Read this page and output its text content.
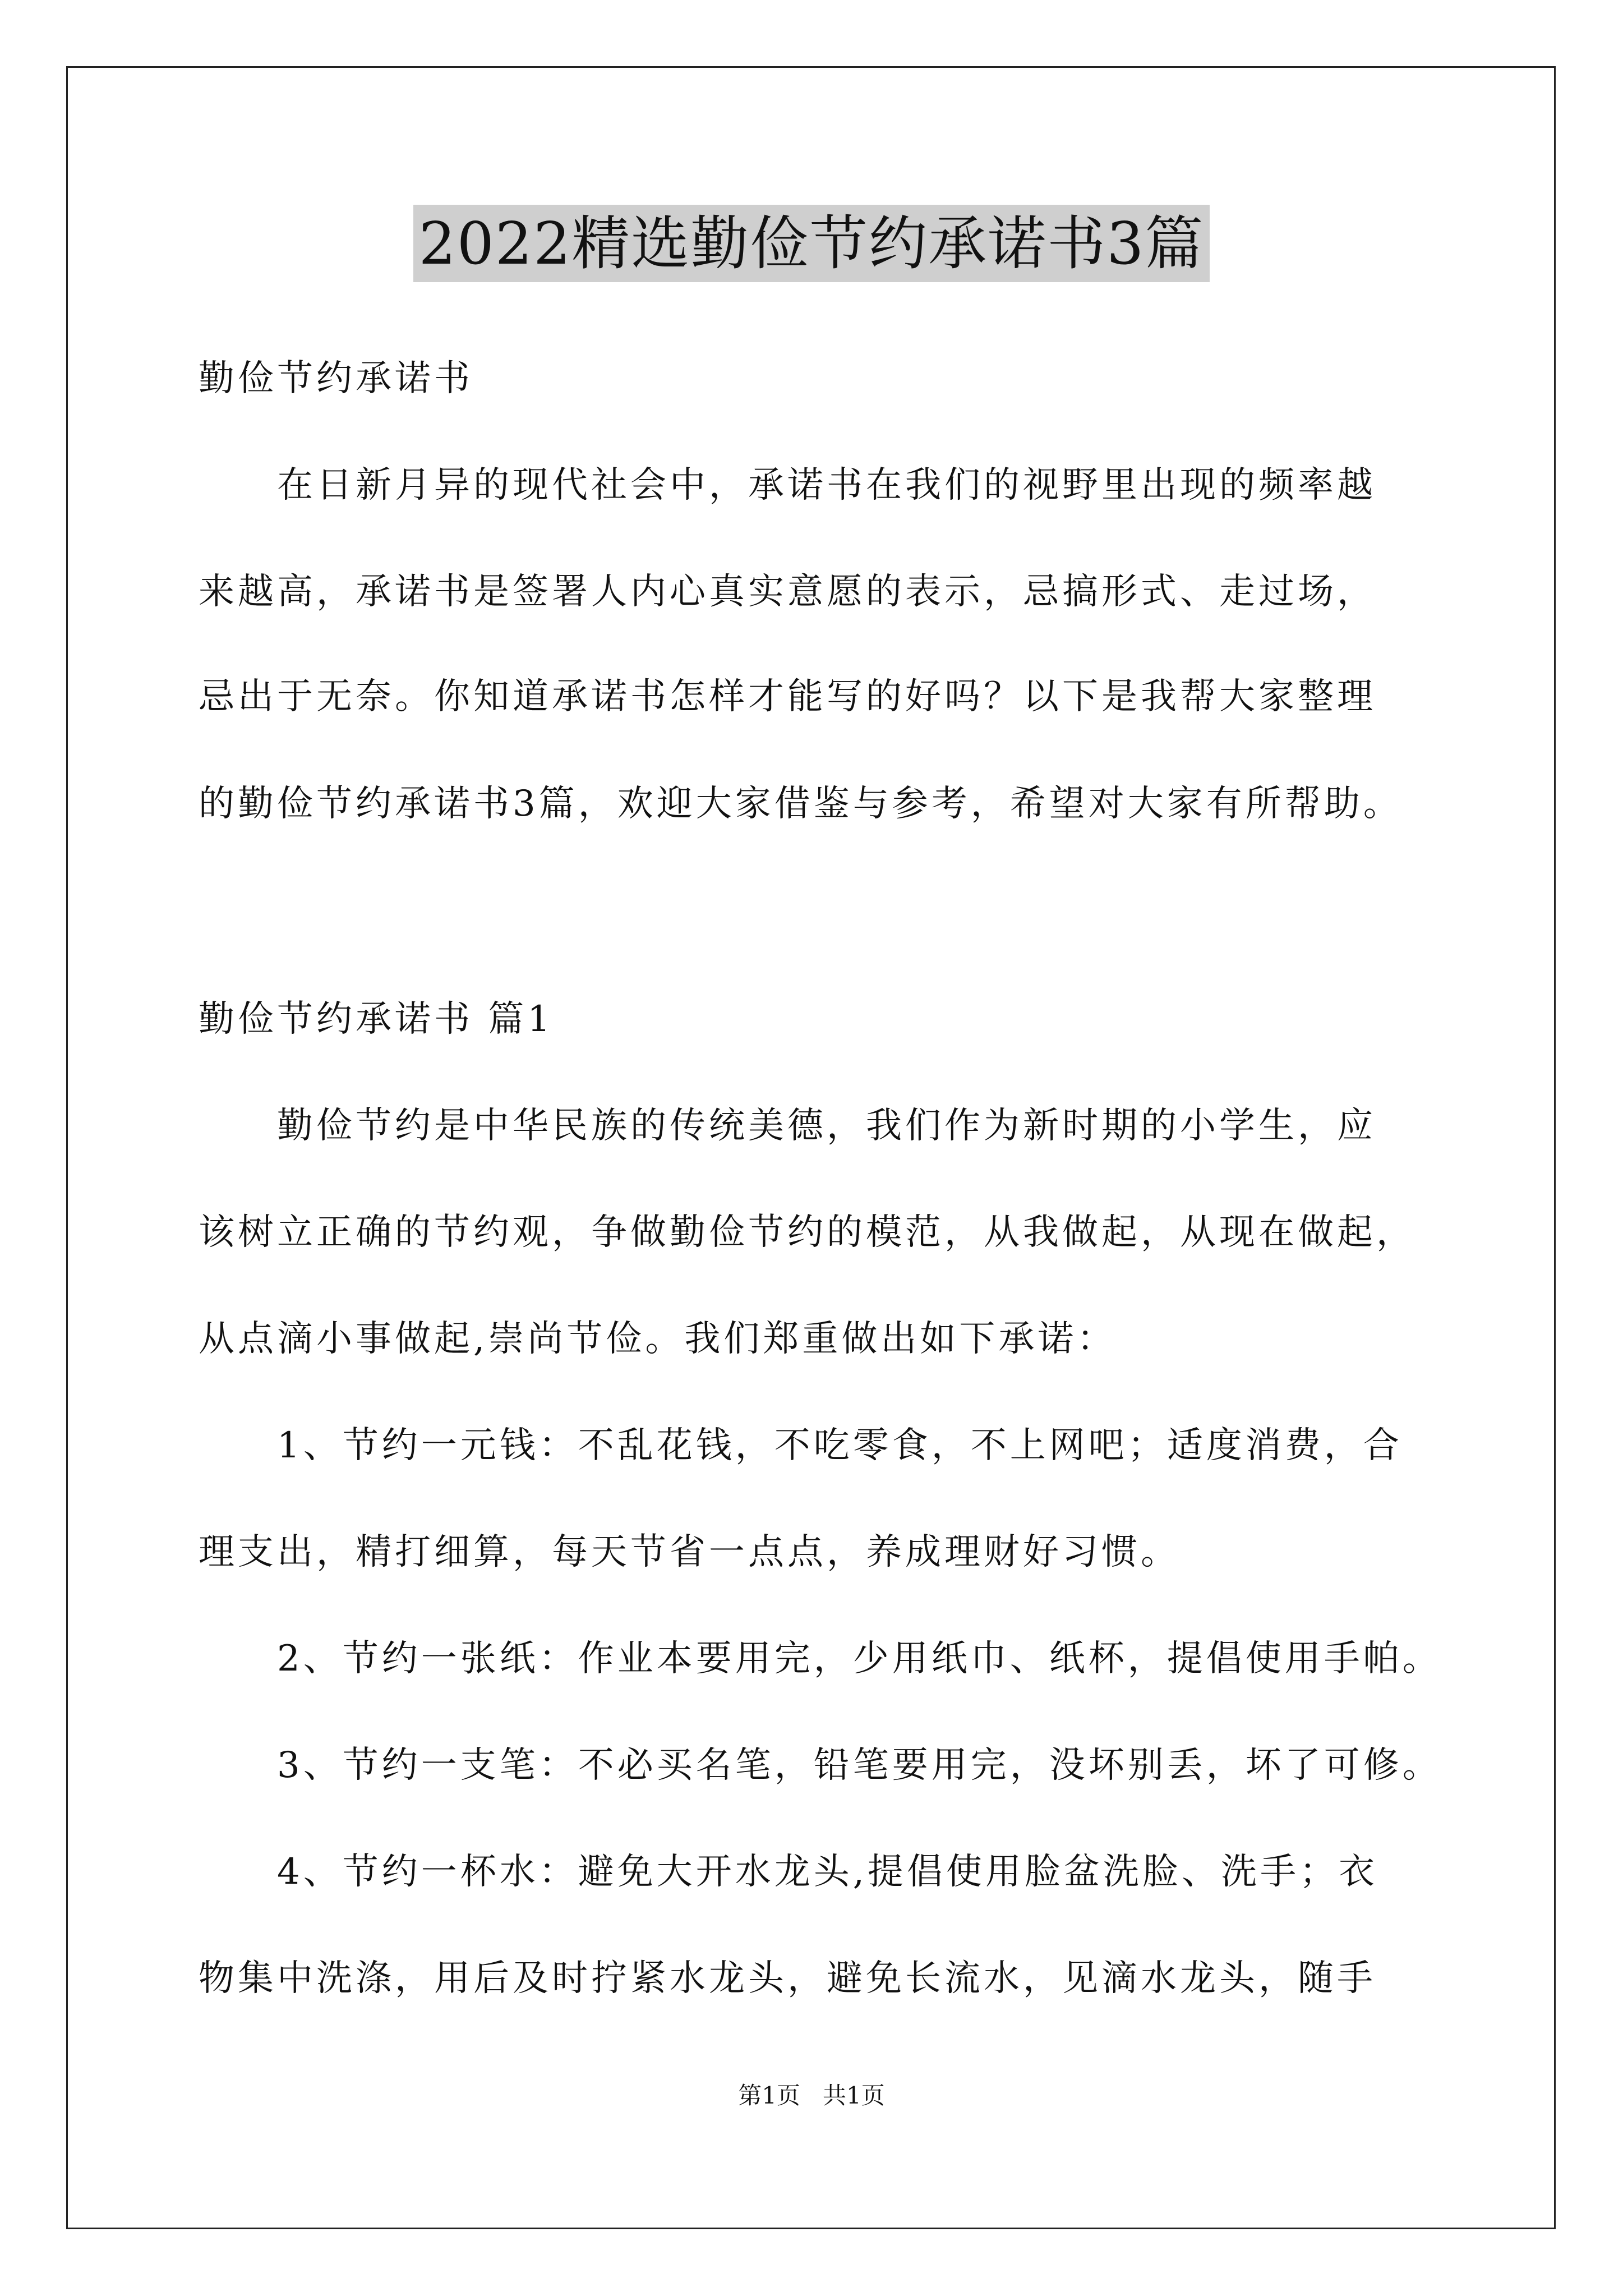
2022精选勤俭节约承诺书3篇
勤俭节约承诺书
在日新月异的现代社会中，承诺书在我们的视野里出现的频率越
来越高，承诺书是签署人内心真实意愿的表示，忌搞形式、走过场，
忌出于无奈。你知道承诺书怎样才能写的好吗？以下是我帮大家整理
的勤俭节约承诺书3篇，欢迎大家借鉴与参考，希望对大家有所帮助。
勤俭节约承诺书 篇1
勤俭节约是中华民族的传统美德，我们作为新时期的小学生，应
该树立正确的节约观，争做勤俭节约的模范，从我做起，从现在做起，
从点滴小事做起,崇尚节俭。我们郑重做出如下承诺：
1、节约一元钱：不乱花钱，不吃零食，不上网吧；适度消费，合
理支出，精打细算，每天节省一点点，养成理财好习惯。
2、节约一张纸：作业本要用完，少用纸巾、纸杯，提倡使用手帕。
3、节约一支笔：不必买名笔，铅笔要用完，没坏别丢，坏了可修。
4、节约一杯水：避免大开水龙头,提倡使用脸盆洗脸、洗手；衣
物集中洗涤，用后及时拧紧水龙头，避免长流水，见滴水龙头，随手
第1页   共1页
